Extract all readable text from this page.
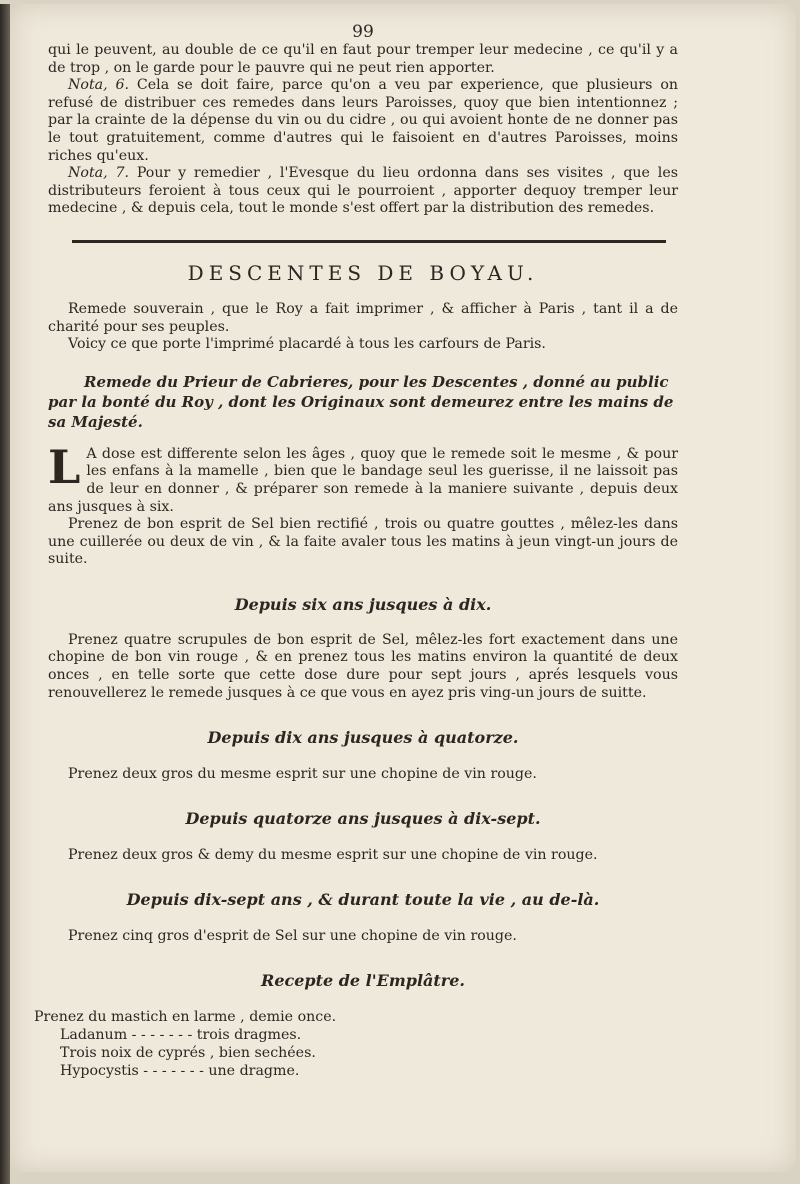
99

qui le peuvent, au double de ce qu'il en faut pour tremper leur medecine , ce qu'il y a de trop , on le garde pour le pauvre qui ne peut rien apporter.

Nota, 6. Cela se doit faire, parce qu'on a veu par experience, que plusieurs on refusé de distribuer ces remedes dans leurs Paroisses, quoy que bien intentionnez ; par la crainte de la dépense du vin ou du cidre , ou qui avoient honte de ne donner pas le tout gratuitement, comme d'autres qui le faisoient en d'autres Paroisses, moins riches qu'eux.

Nota, 7. Pour y remedier , l'Evesque du lieu ordonna dans ses visites , que les distributeurs feroient à tous ceux qui le pourroient , apporter dequoy tremper leur medecine , & depuis cela, tout le monde s'est offert par la distribution des remedes.

DESCENTES DE BOYAU.

Remede souverain , que le Roy a fait imprimer , & afficher à Paris , tant il a de charité pour ses peuples.

Voicy ce que porte l'imprimé placardé à tous les carfours de Paris.

Remede du Prieur de Cabrieres, pour les Descentes , donné au public par la bonté du Roy , dont les Originaux sont demeurez entre les mains de sa Majesté.

L A dose est differente selon les âges , quoy que le remede soit le mesme , & pour les enfans à la mamelle , bien que le bandage seul les guerisse, il ne laissoit pas de leur en donner , & préparer son remede à la maniere suivante , depuis deux ans jusques à six.

Prenez de bon esprit de Sel bien rectifié , trois ou quatre gouttes , mêlez-les dans une cuillerée ou deux de vin , & la faite avaler tous les matins à jeun vingt-un jours de suite.

Depuis six ans jusques à dix.

Prenez quatre scrupules de bon esprit de Sel, mêlez-les fort exactement dans une chopine de bon vin rouge , & en prenez tous les matins environ la quantité de deux onces , en telle sorte que cette dose dure pour sept jours , aprés lesquels vous renouvellerez le remede jusques à ce que vous en ayez pris ving-un jours de suitte.

Depuis dix ans jusques à quatorze.

Prenez deux gros du mesme esprit sur une chopine de vin rouge.

Depuis quatorze ans jusques à dix-sept.

Prenez deux gros & demy du mesme esprit sur une chopine de vin rouge.

Depuis dix-sept ans , & durant toute la vie , au de-là.

Prenez cinq gros d'esprit de Sel sur une chopine de vin rouge.

Recepte de l'Emplâtre.
Prenez du mastich en larme , demie once.
Ladanum - - - - - - - trois dragmes.
Trois noix de cyprés , bien sechées.
Hypocystis - - - - - - - une dragme.
